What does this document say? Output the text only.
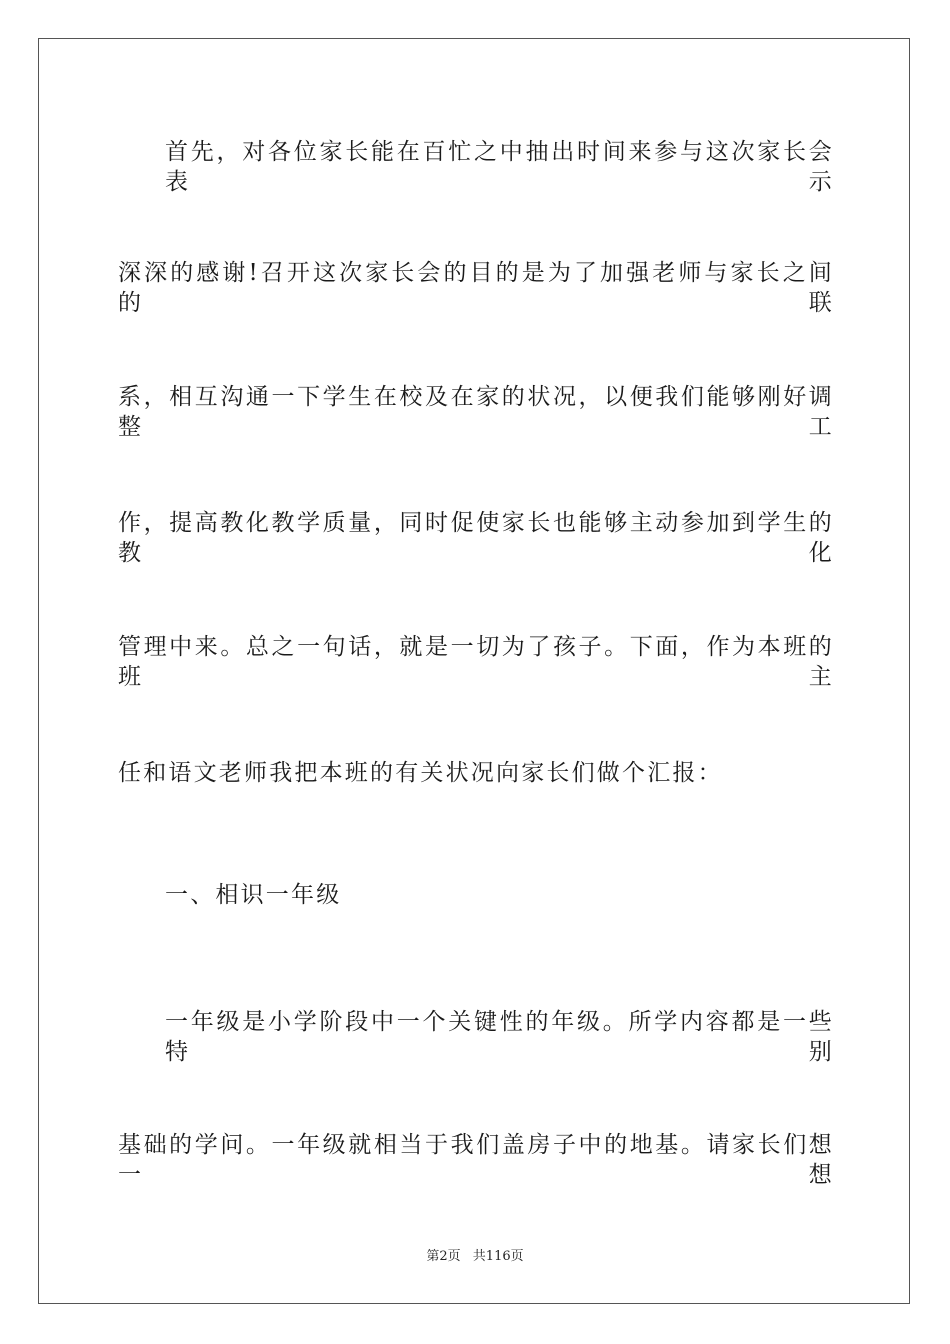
首先，对各位家长能在百忙之中抽出时间来参与这次家长会表示
深深的感谢!召开这次家长会的目的是为了加强老师与家长之间的联
系，相互沟通一下学生在校及在家的状况，以便我们能够刚好调整工
作，提高教化教学质量，同时促使家长也能够主动参加到学生的教化
管理中来。总之一句话，就是一切为了孩子。下面，作为本班的班主
任和语文老师我把本班的有关状况向家长们做个汇报：
一、相识一年级
一年级是小学阶段中一个关键性的年级。所学内容都是一些特别
基础的学问。一年级就相当于我们盖房子中的地基。请家长们想一想
第2页 共116页
